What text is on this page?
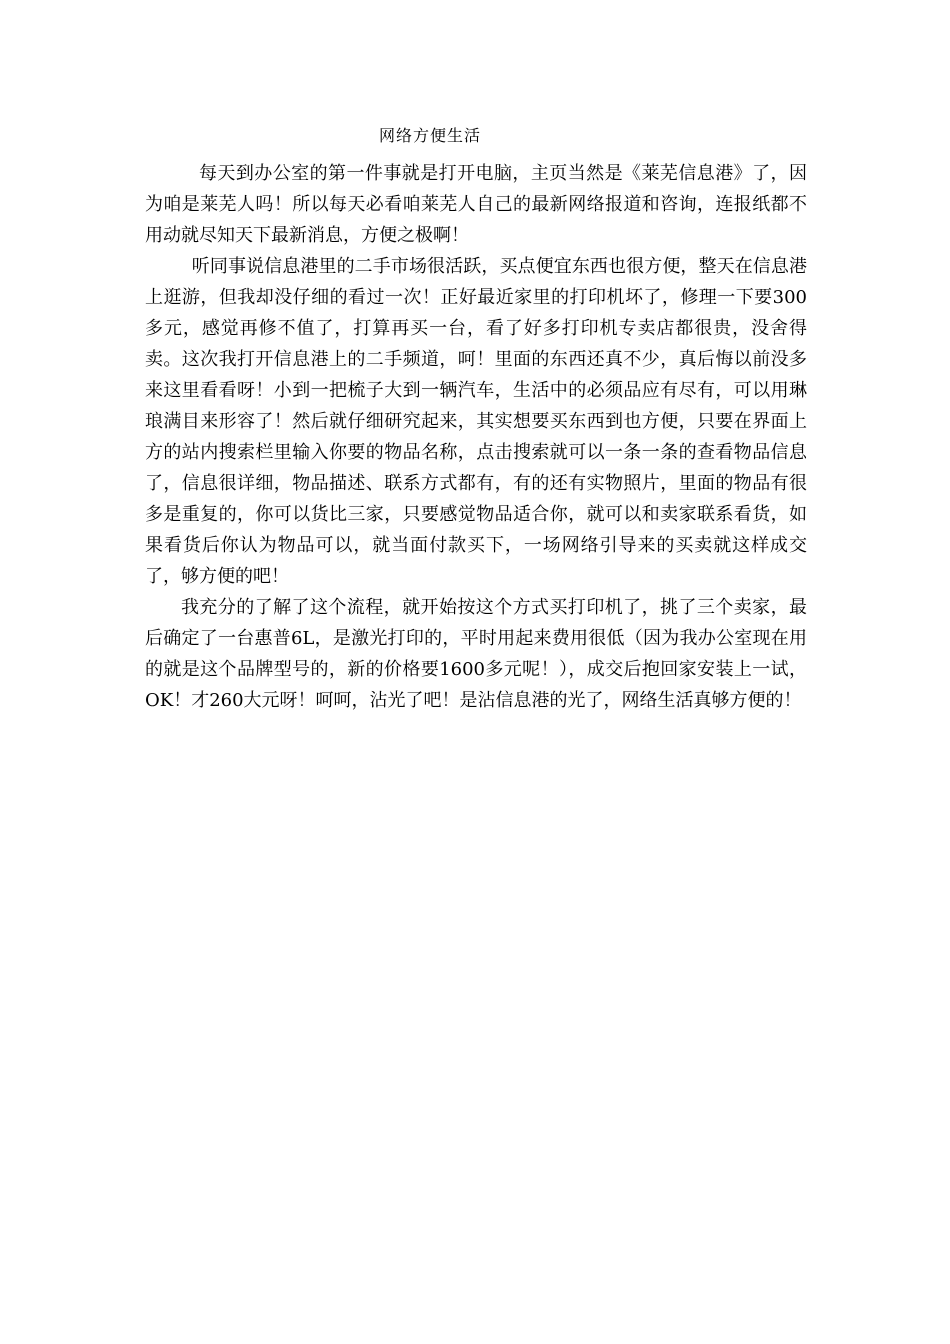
网络方便生活

每天到办公室的第一件事就是打开电脑，主页当然是《莱芜信息港》了，因为咱是莱芜人吗！所以每天必看咱莱芜人自己的最新网络报道和咨询，连报纸都不用动就尽知天下最新消息，方便之极啊！

听同事说信息港里的二手市场很活跃，买点便宜东西也很方便，整天在信息港上逛游，但我却没仔细的看过一次！正好最近家里的打印机坏了，修理一下要300多元，感觉再修不值了，打算再买一台，看了好多打印机专卖店都很贵，没舍得卖。这次我打开信息港上的二手频道，呵！里面的东西还真不少，真后悔以前没多来这里看看呀！小到一把梳子大到一辆汽车，生活中的必须品应有尽有，可以用琳琅满目来形容了！然后就仔细研究起来，其实想要买东西到也方便，只要在界面上方的站内搜索栏里输入你要的物品名称，点击搜索就可以一条一条的查看物品信息了，信息很详细，物品描述、联系方式都有，有的还有实物照片，里面的物品有很多是重复的，你可以货比三家，只要感觉物品适合你，就可以和卖家联系看货，如果看货后你认为物品可以，就当面付款买下，一场网络引导来的买卖就这样成交了，够方便的吧！

我充分的了解了这个流程，就开始按这个方式买打印机了，挑了三个卖家，最后确定了一台惠普6L，是激光打印的，平时用起来费用很低（因为我办公室现在用的就是这个品牌型号的，新的价格要1600多元呢！），成交后抱回家安装上一试，OK！才260大元呀！呵呵，沾光了吧！是沾信息港的光了，网络生活真够方便的！
